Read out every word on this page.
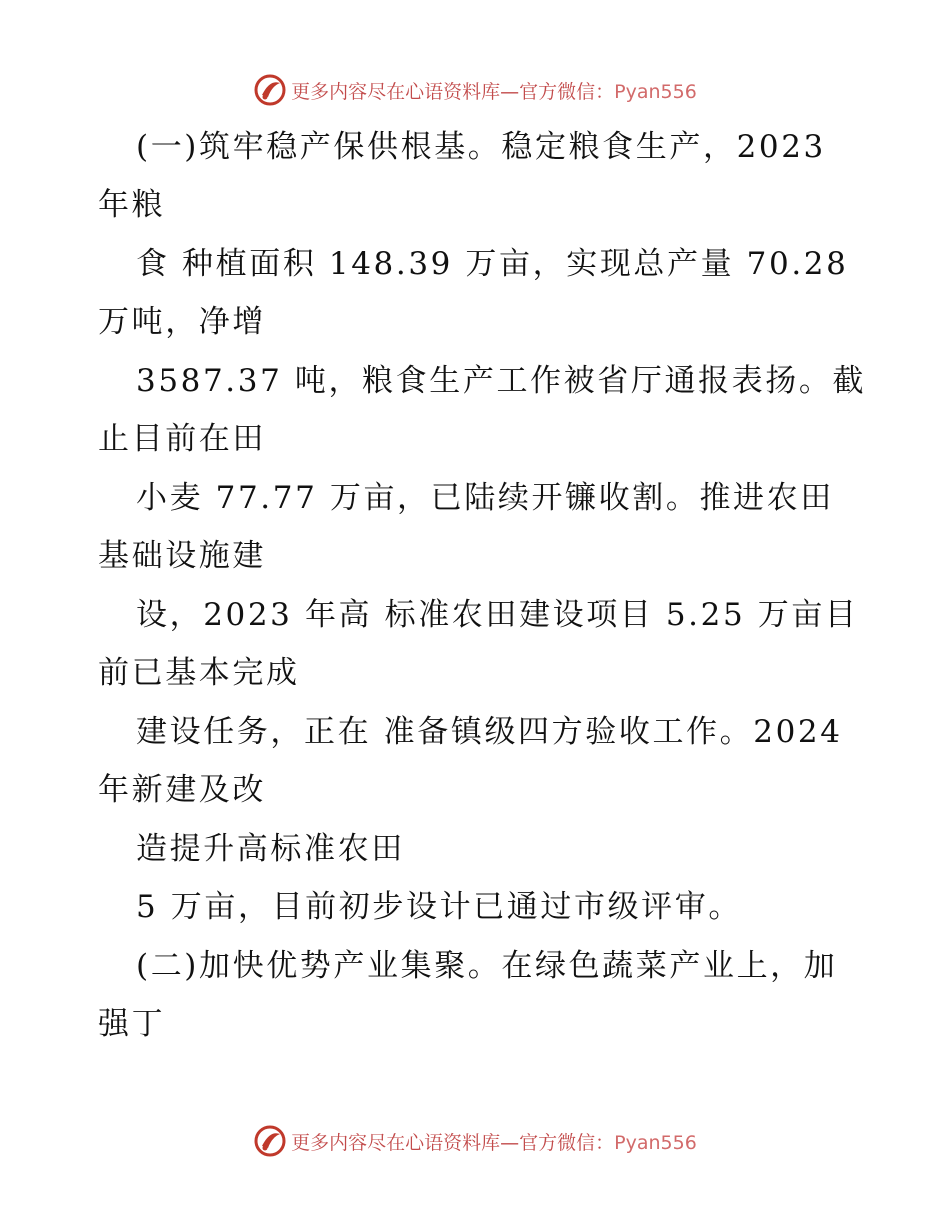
更多内容尽在心语资料库—官方微信：Pyan556
(一)筑牢稳产保供根基。稳定粮食生产，2023
年粮
食 种植面积 148.39 万亩，实现总产量 70.28
万吨，净增
3587.37 吨，粮食生产工作被省厅通报表扬。截
止目前在田
小麦 77.77 万亩，已陆续开镰收割。推进农田
基础设施建
设，2023 年高 标准农田建设项目 5.25 万亩目
前已基本完成
建设任务，正在 准备镇级四方验收工作。2024
年新建及改
造提升高标准农田
5 万亩，目前初步设计已通过市级评审。
(二)加快优势产业集聚。在绿色蔬菜产业上，加
强丁
更多内容尽在心语资料库—官方微信：Pyan556
